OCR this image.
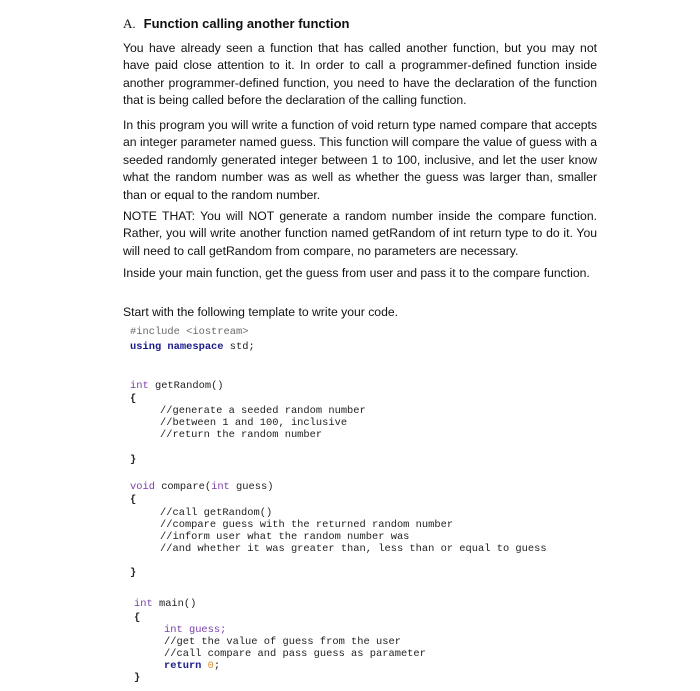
A. Function calling another function
You have already seen a function that has called another function, but you may not have paid close attention to it. In order to call a programmer-defined function inside another programmer-defined function, you need to have the declaration of the function that is being called before the declaration of the calling function.
In this program you will write a function of void return type named compare that accepts an integer parameter named guess. This function will compare the value of guess with a seeded randomly generated integer between 1 to 100, inclusive, and let the user know what the random number was as well as whether the guess was larger than, smaller than or equal to the random number.
NOTE THAT: You will NOT generate a random number inside the compare function. Rather, you will write another function named getRandom of int return type to do it. You will need to call getRandom from compare, no parameters are necessary.
Inside your main function, get the guess from user and pass it to the compare function.
Start with the following template to write your code.

#include <iostream>

using namespace std;

int getRandom()

{

//generate a seeded random number

//between 1 and 100, inclusive

//return the random number

}

void compare(int guess)

{

//call getRandom()

//compare guess with the returned random number

//inform user what the random number was

//and whether it was greater than, less than or equal to guess

}

int main()

{

int guess;

//get the value of guess from the user

//call compare and pass guess as parameter

return 0;

}
